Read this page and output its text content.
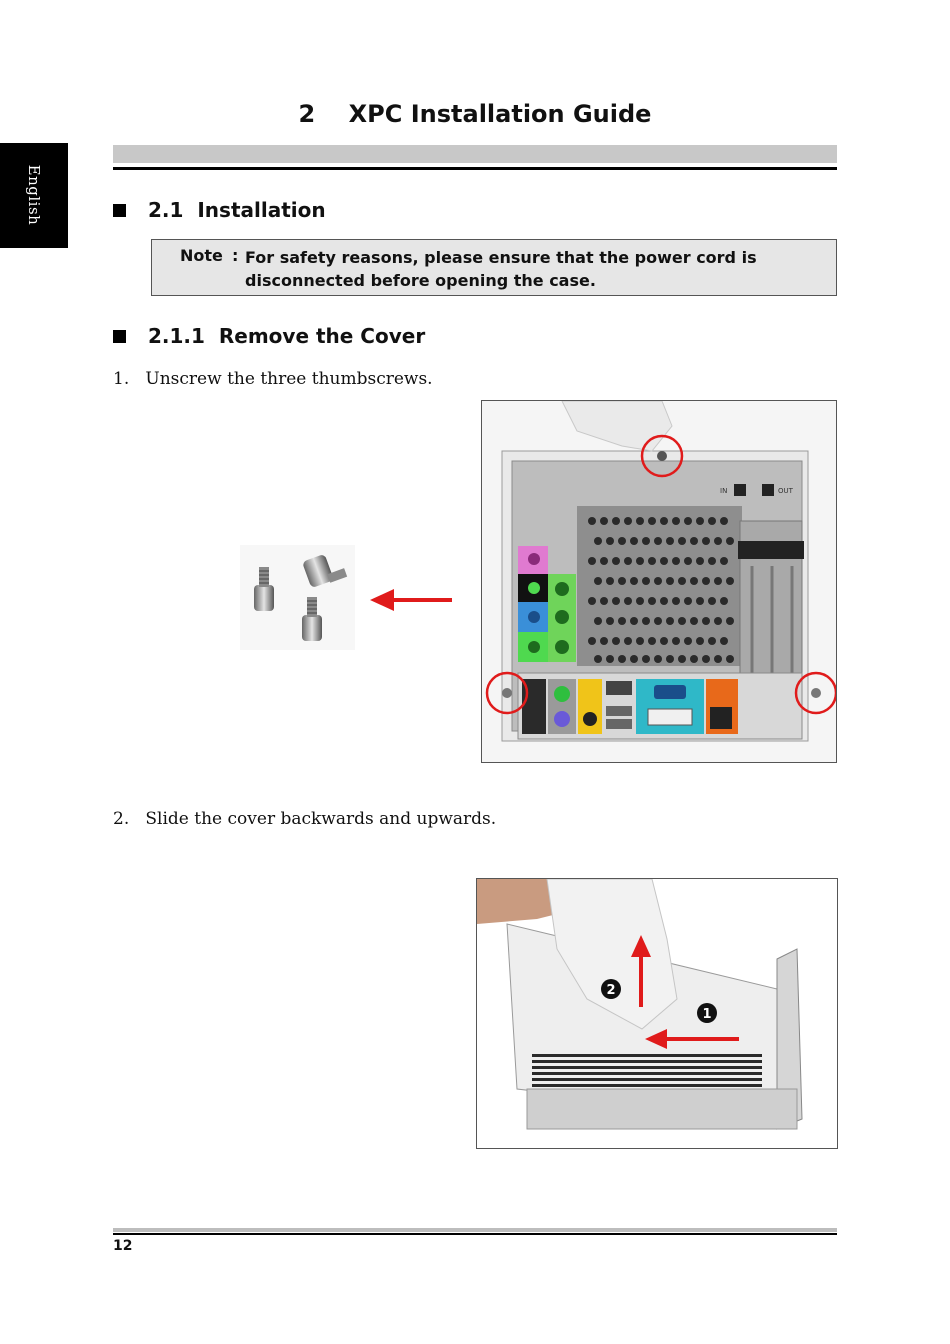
English
2    XPC Installation Guide
2.1  Installation
Note : For safety reasons, please ensure that the power cord is disconnected before opening the case.
2.1.1  Remove the Cover
1. Unscrew the three thumbscrews.
IN	OUT
2. Slide the cover backwards and upwards.
1
2
12
